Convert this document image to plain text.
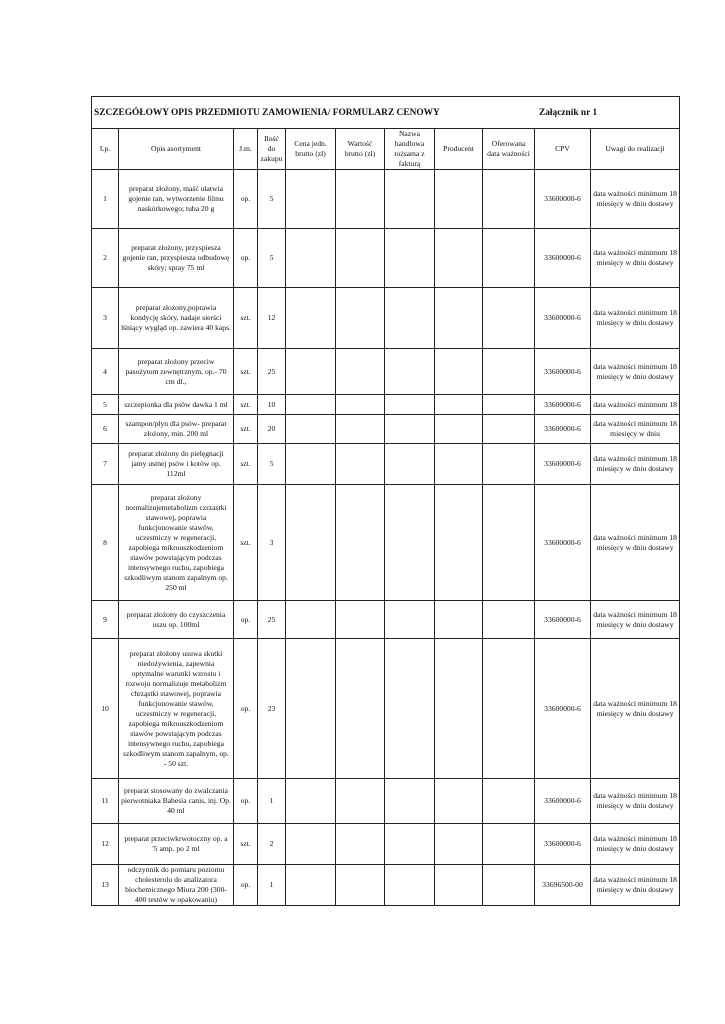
SZCZEGÓŁOWY OPIS PRZEDMIOTU ZAMOWIENIA/ FORMULARZ CENOWY Załącznik nr 1										

Lp.	Opis asortyment	J.m.	Ilość do zakupu	Cena jedn. brutto (zł)	Wartość brutto (zł)	Nazwa handlowa tożsama z fakturą	Producent	Oferowana data ważności	CPV	Uwagi do realizacji
1	preparat złożony, maść ułatwia gojenie ran, wytworzenie filmu naskórkowego; tuba 20 g	op.	5						33600000-6	data ważności minimum 18 miesięcy w dniu dostawy
2	preparat złożony, przyspiesza gojenie ran, przyspiesza odbudowę skóry; spray 75 ml	op.	5						33600000-6	data ważności minimum 18 miesięcy w dniu dostawy
3	preparat złożony,poprawia kondycję skóry, nadaje sierści lśniący wygląd op. zawiera 40 kaps.	szt.	12						33600000-6	data ważności minimum 18 miesięcy w dniu dostawy
4	preparat złożony przeciw pasożytom zewnętrznym, op.- 70 cm dl.,	szt.	25						33600000-6	data ważności minimum 18 miesięcy w dniu dostawy
5	szczepionka dla psów dawka 1 ml	szt.	10						33600000-6	data ważności minimum 18
6	szampon/płyn dla psów- preparat złożony, min. 200 ml	szt.	20						33600000-6	data ważności minimum 18 miesięcy w dniu
7	preparat złożony do pielęgnacji jamy ustnej psów i kotów op. 112ml	szt.	5						33600000-6	data ważności minimum 18 miesięcy w dniu dostawy
8	preparat złożony normalizujemetabolizm czrzastki stawowej, poprawia funkcjonowanie stawów, uczestniczy w regeneracji, zapobiega mikrouszkodzeniom stawów powstającym podczas intensywnego ruchu, zapobiega szkodliwym stanom zapalnym op. 250 ml	szt.	3						33600000-6	data ważności minimum 18 miesięcy w dniu dostawy
9	preparat złożony do czyszczenia uszu op. 100ml	op.	25						33600000-6	data ważności minimum 18 miesięcy w dniu dostawy
10	preparat złożony usuwa skutki niedożywienia, zapewnia optymalne warunki wzrostu i rozwoju normalizuje metabolizm chrząstki stawowej, poprawia funkcjonowanie stawów, uczestniczy w regeneracji, zapobiega mikrouszkodzeniom stawów powstającym podczas intensywnego ruchu, zapobiega szkodliwym stanom zapalnym, op. - 50 szt.	op.	23						33600000-6	data ważności minimum 18 miesięcy w dniu dostawy
11	preparat stosowany do zwalczania pierwotniaka Babesia canis, inj. Op. 40 ml	op.	1						33600000-6	data ważności minimum 18 miesięcy w dniu dostawy
12	preparat przeciwkrwotoczny op. a '5 amp. po 2 ml	szt.	2						33600000-6	data ważności minimum 18 miesięcy w dniu dostawy
13	odczynnik do pomiaru poziomu cholesterolu do analizatora biochemicznego Miura 200 (300-400 testów w opakowaniu)	op.	1						33696500-00	data ważności minimum 18 miesięcy w dniu dostawy
